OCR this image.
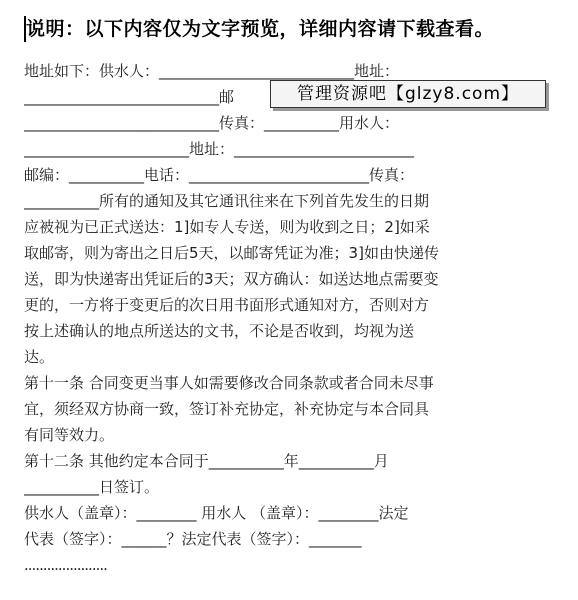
说明：以下内容仅为文字预览，详细内容请下载查看。
地址如下：供水人：__________________________地址：
__________________________邮
__________________________传真：__________用水人：
______________________地址：________________________
邮编：__________电话：________________________传真：
__________所有的通知及其它通讯往来在下列首先发生的日期
应被视为已正式送达：1]如专人专送，则为收到之日；2]如采
取邮寄，则为寄出之日后5天，以邮寄凭证为准；3]如由快递传
送，即为快递寄出凭证后的3天；双方确认：如送达地点需要变
更的，一方将于变更后的次日用书面形式通知对方，否则对方
按上述确认的地点所送达的文书，不论是否收到，均视为送
达。
第十一条 合同变更当事人如需要修改合同条款或者合同未尽事
宜，须经双方协商一致，签订补充协定，补充协定与本合同具
有同等效力。
第十二条 其他约定本合同于__________年__________月
__________日签订。
供水人（盖章）：________ 用水人 （盖章）：________法定
代表（签字）：______？法定代表（签字）：_______
......................
管理资源吧【glzy8.com】
